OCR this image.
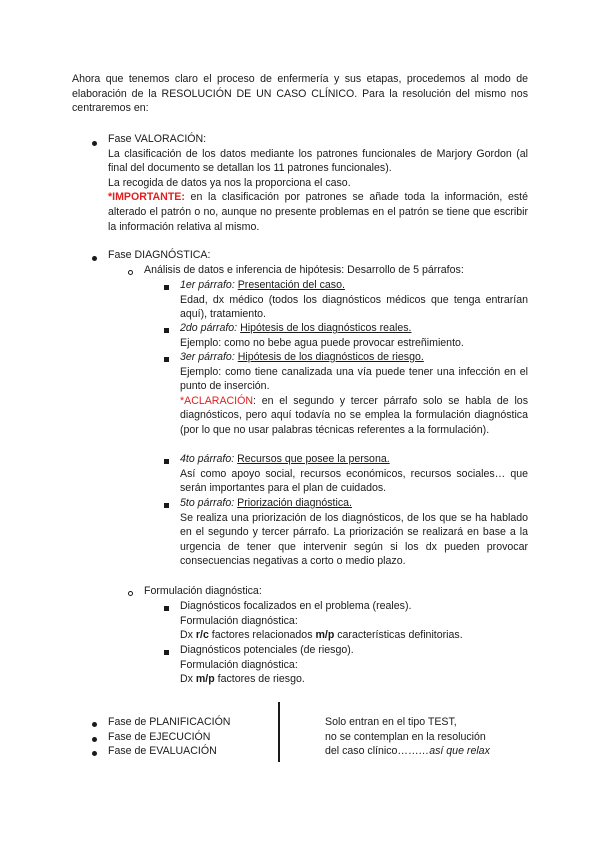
Ahora que tenemos claro el proceso de enfermería y sus etapas, procedemos al modo de elaboración de la RESOLUCIÓN DE UN CASO CLÍNICO. Para la resolución del mismo nos centraremos en:

Fase VALORACIÓN:

La clasificación de los datos mediante los patrones funcionales de Marjory Gordon (al final del documento se detallan los 11 patrones funcionales).

La recogida de datos ya nos la proporciona el caso.

*IMPORTANTE: en la clasificación por patrones se añade toda la información, esté alterado el patrón o no, aunque no presente problemas en el patrón se tiene que escribir la información relativa al mismo.

Fase DIAGNÓSTICA:
Análisis de datos e inferencia de hipótesis: Desarrollo de 5 párrafos:

1er párrafo: Presentación del caso.

Edad, dx médico (todos los diagnósticos médicos que tenga entrarían aquí), tratamiento.

2do párrafo: Hipótesis de los diagnósticos reales.

Ejemplo: como no bebe agua puede provocar estreñimiento.

3er párrafo: Hipótesis de los diagnósticos de riesgo.

Ejemplo: como tiene canalizada una vía puede tener una infección en el punto de inserción.

*ACLARACIÓN: en el segundo y tercer párrafo solo se habla de los diagnósticos, pero aquí todavía no se emplea la formulación diagnóstica (por lo que no usar palabras técnicas referentes a la formulación).

4to párrafo: Recursos que posee la persona.

Así como apoyo social, recursos económicos, recursos sociales… que serán importantes para el plan de cuidados.

5to párrafo: Priorización diagnóstica.

Se realiza una priorización de los diagnósticos, de los que se ha hablado en el segundo y tercer párrafo. La priorización se realizará en base a la urgencia de tener que intervenir según si los dx pueden provocar consecuencias negativas a corto o medio plazo.

Formulación diagnóstica:

Diagnósticos focalizados en el problema (reales).

Formulación diagnóstica:

Dx r/c factores relacionados m/p características definitorias.

Diagnósticos potenciales (de riesgo).

Formulación diagnóstica:

Dx m/p factores de riesgo.

Fase de PLANIFICACIÓN
Fase de EJECUCIÓN
Fase de EVALUACIÓN

Solo entran en el tipo TEST,

no se contemplan en la resolución

del caso clínico………así que relax
